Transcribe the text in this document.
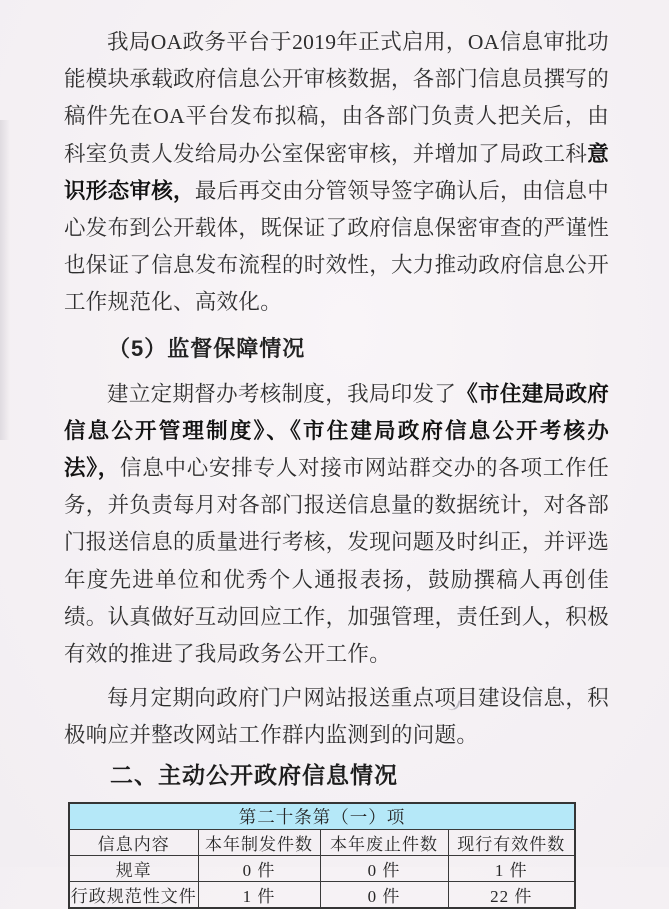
我局OA政务平台于2019年正式启用，OA信息审批功能模块承载政府信息公开审核数据，各部门信息员撰写的稿件先在OA平台发布拟稿，由各部门负责人把关后，由科室负责人发给局办公室保密审核，并增加了局政工科意识形态审核，最后再交由分管领导签字确认后，由信息中心发布到公开载体，既保证了政府信息保密审查的严谨性也保证了信息发布流程的时效性，大力推动政府信息公开工作规范化、高效化。

（5）监督保障情况

建立定期督办考核制度，我局印发了《市住建局政府信息公开管理制度》、《市住建局政府信息公开考核办法》，信息中心安排专人对接市网站群交办的各项工作任务，并负责每月对各部门报送信息量的数据统计，对各部门报送信息的质量进行考核，发现问题及时纠正，并评选年度先进单位和优秀个人通报表扬，鼓励撰稿人再创佳绩。认真做好互动回应工作，加强管理，责任到人，积极有效的推进了我局政务公开工作。

每月定期向政府门户网站报送重点项目建设信息，积极响应并整改网站工作群内监测到的问题。

二、主动公开政府信息情况
第二十条第（一）项			
信息内容	本年制发件数	本年废止件数	现行有效件数
规章	0 件	0 件	1 件
行政规范性文件	1 件	0 件	22 件
